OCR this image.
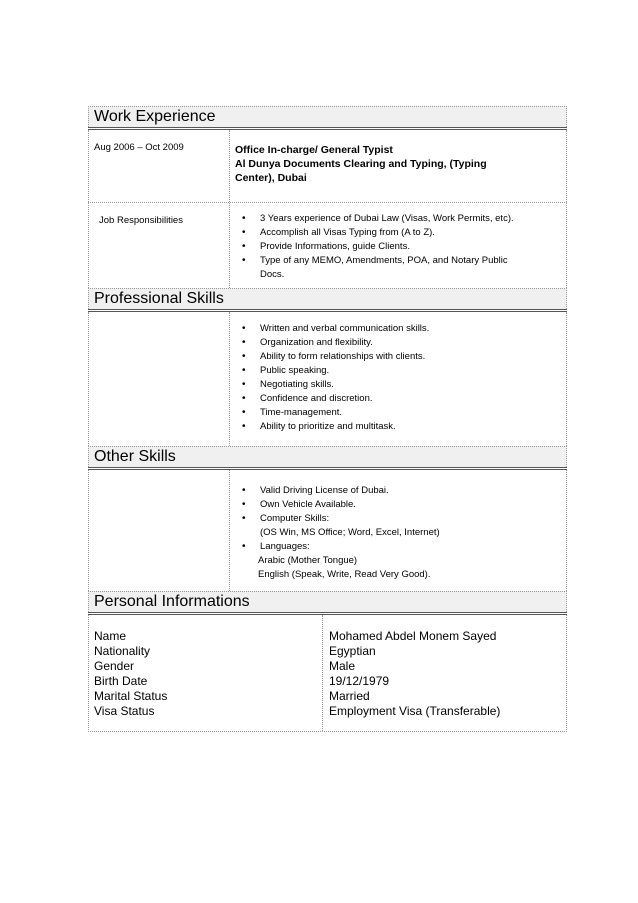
Work Experience
Aug 2006 – Oct 2009	Office In-charge/ General Typist
Al Dunya Documents Clearing and Typing, (Typing
Center), Dubai
Job Responsibilities	• 3 Years experience of Dubai Law (Visas, Work Permits, etc).
• Accomplish all Visas Typing from (A to Z).
• Provide Informations, guide Clients.
• Type of any MEMO, Amendments, POA, and Notary Public
Docs.
Professional Skills
• Written and verbal communication skills.
• Organization and flexibility.
• Ability to form relationships with clients.
• Public speaking.
• Negotiating skills.
• Confidence and discretion.
• Time-management.
• Ability to prioritize and multitask.
Other Skills
• Valid Driving License of Dubai.
• Own Vehicle Available.
• Computer Skills:
(OS Win, MS Office; Word, Excel, Internet)
• Languages:
Arabic (Mother Tongue)
English (Speak, Write, Read Very Good).
Personal Informations
Name
Nationality
Gender
Birth Date
Marital Status
Visa Status
Mohamed Abdel Monem Sayed
Egyptian
Male
19/12/1979
Married
Employment Visa (Transferable)
